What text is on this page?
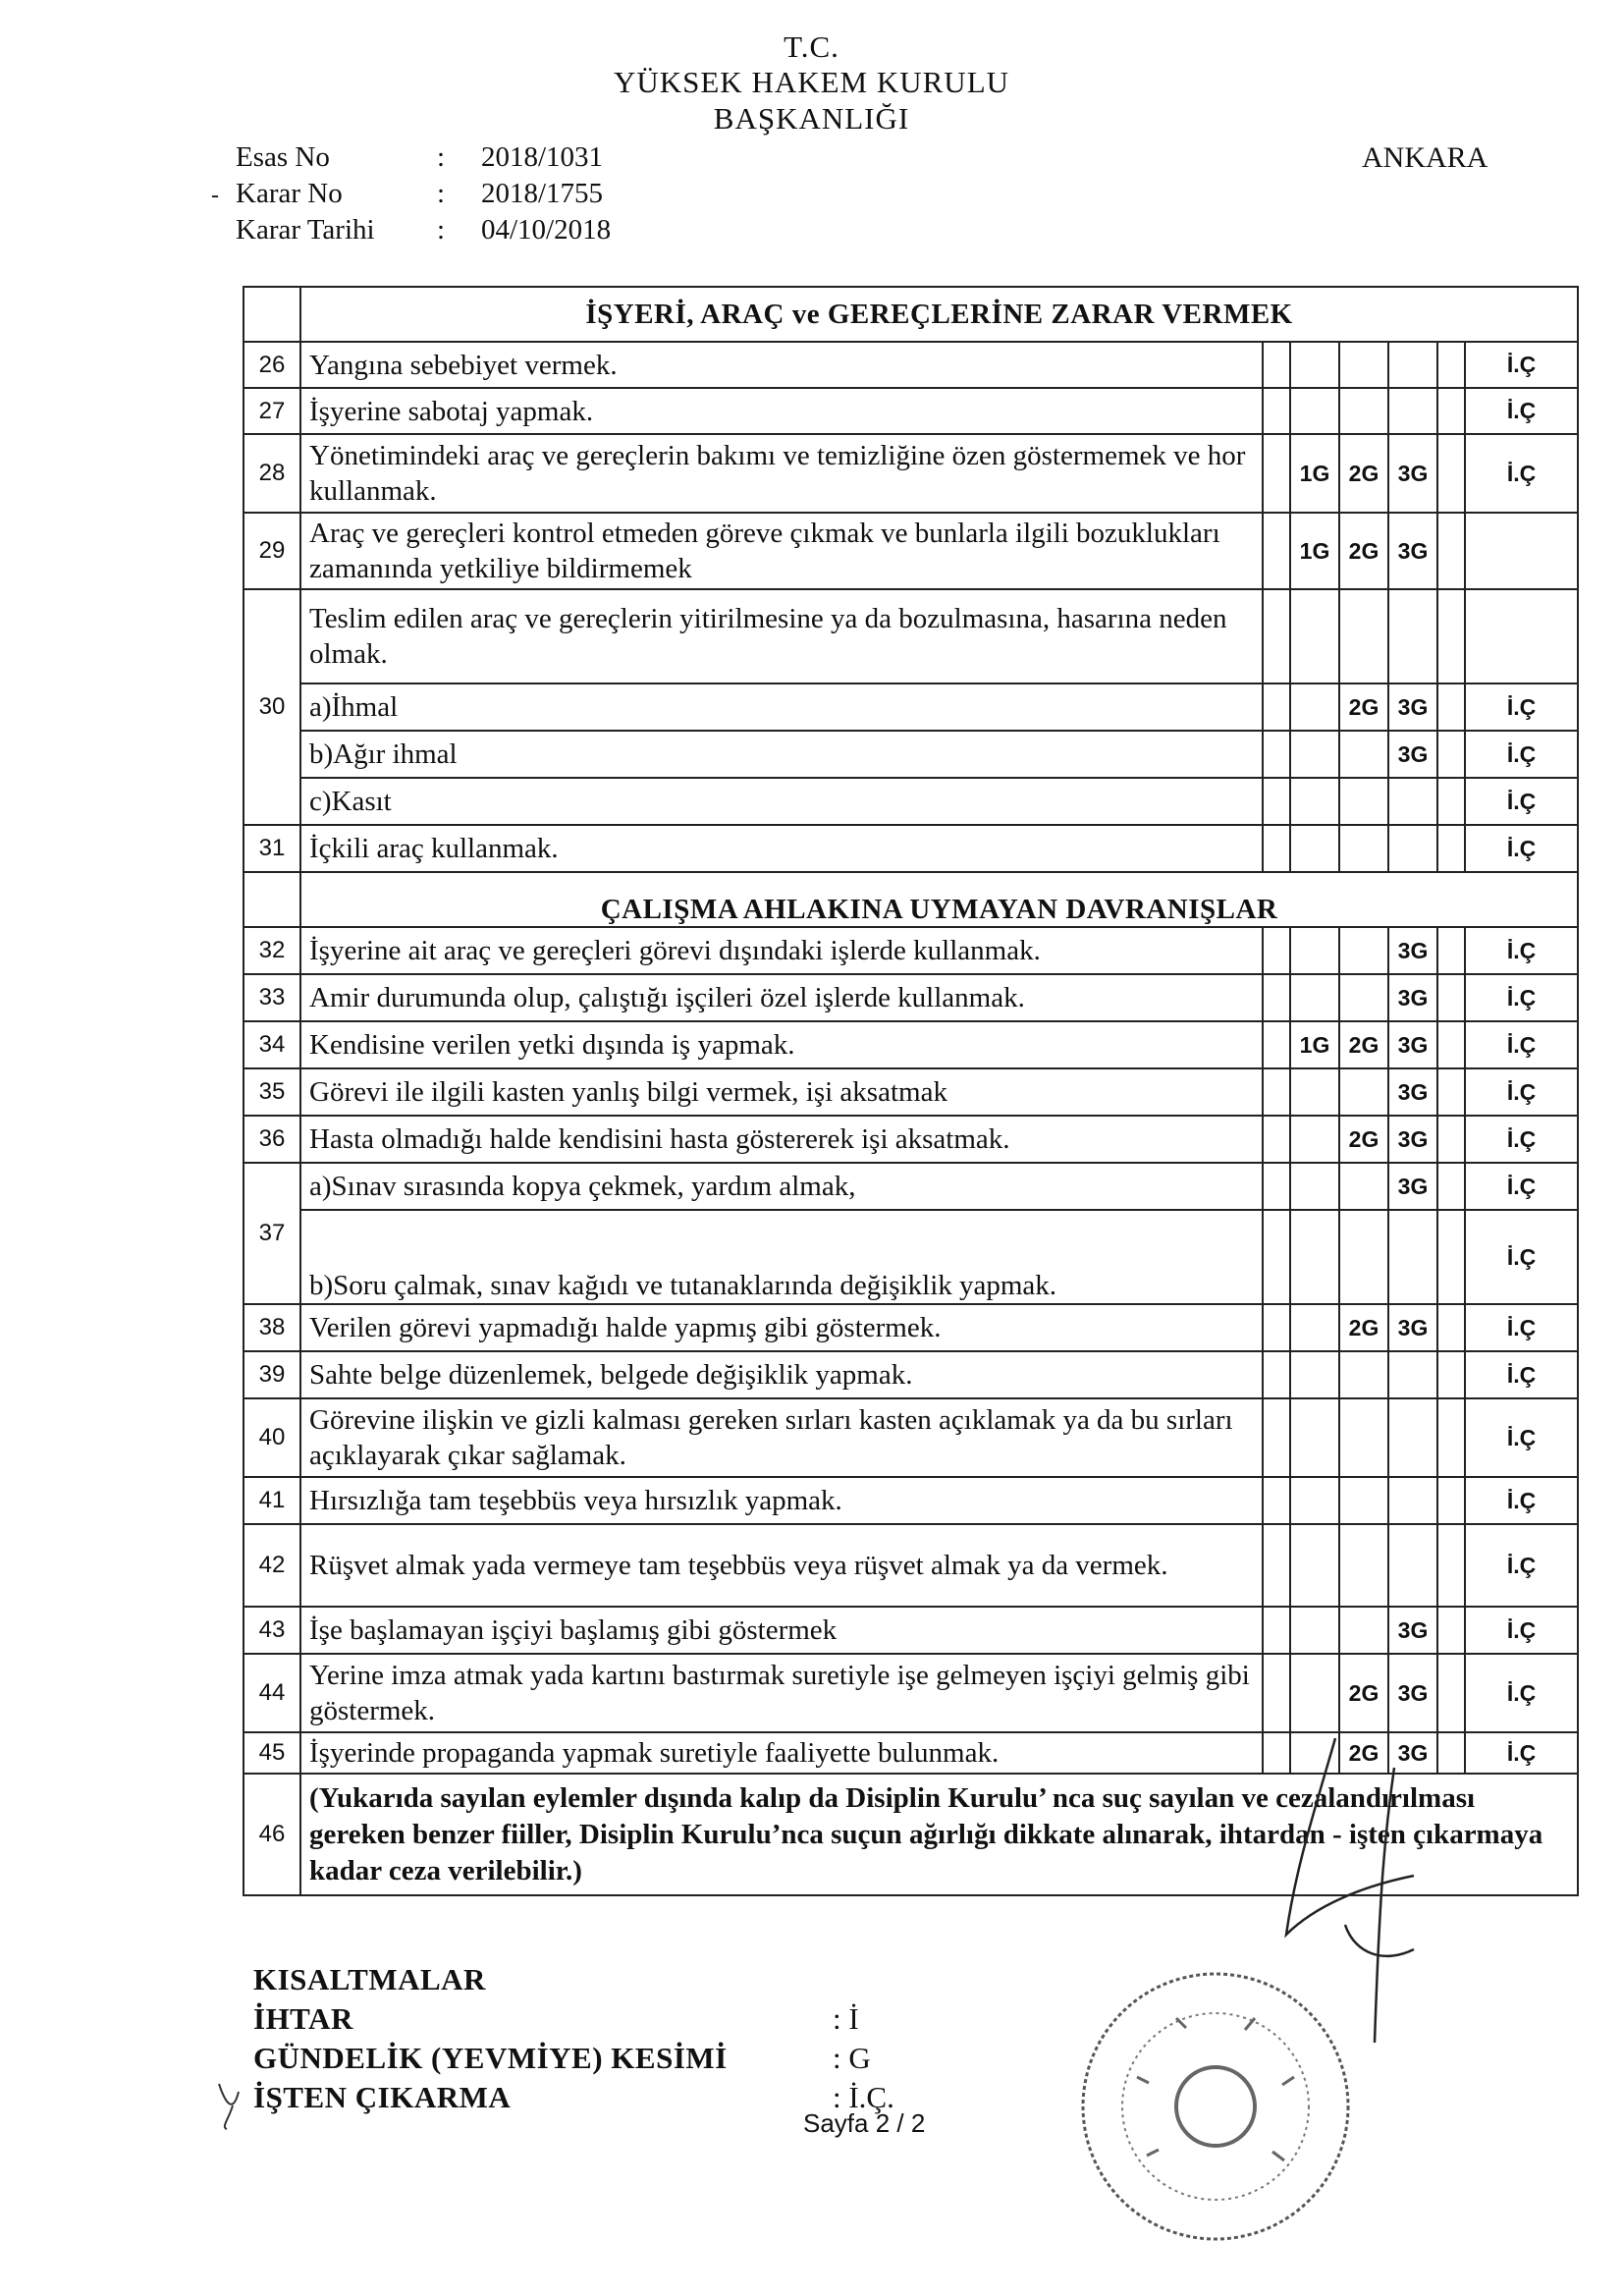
T.C.
YÜKSEK HAKEM KURULU
BAŞKANLIĞI
ANKARA
Esas No	: 2018/1031
Karar No	: 2018/1755
Karar Tarihi : 04/10/2018
-
	İŞYERİ, ARAÇ ve GEREÇLERİNE ZARAR VERMEK						
26	Yangına sebebiyet vermek.						İ.Ç
27	İşyerine sabotaj yapmak.						İ.Ç
28	Yönetimindeki araç ve gereçlerin bakımı ve temizliğine özen göstermemek ve hor kullanmak.		1G	2G	3G		İ.Ç
29	Araç ve gereçleri kontrol etmeden göreve çıkmak ve bunlarla ilgili bozuklukları zamanında yetkiliye bildirmemek		1G	2G	3G		
30	Teslim edilen araç ve gereçlerin yitirilmesine ya da bozulmasına, hasarına neden olmak.						
	a)İhmal			2G	3G		İ.Ç
	b)Ağır ihmal				3G		İ.Ç
	c)Kasıt						İ.Ç
31	İçkili araç kullanmak.						İ.Ç
	ÇALIŞMA AHLAKINA UYMAYAN DAVRANIŞLAR						
32	İşyerine ait araç ve gereçleri görevi dışındaki işlerde kullanmak.				3G		İ.Ç
33	Amir durumunda olup, çalıştığı işçileri özel işlerde kullanmak.				3G		İ.Ç
34	Kendisine verilen yetki dışında iş yapmak.		1G	2G	3G		İ.Ç
35	Görevi ile ilgili kasten yanlış bilgi vermek, işi aksatmak				3G		İ.Ç
36	Hasta olmadığı halde kendisini hasta göstererek işi aksatmak.			2G	3G		İ.Ç
37	a)Sınav sırasında kopya çekmek, yardım almak,				3G		İ.Ç
	b)Soru çalmak, sınav kağıdı ve tutanaklarında değişiklik yapmak.						İ.Ç
38	Verilen görevi yapmadığı halde yapmış gibi göstermek.			2G	3G		İ.Ç
39	Sahte belge düzenlemek, belgede değişiklik yapmak.						İ.Ç
40	Görevine ilişkin ve gizli kalması gereken sırları kasten açıklamak ya da bu sırları açıklayarak çıkar sağlamak.						İ.Ç
41	Hırsızlığa tam teşebbüs veya hırsızlık yapmak.						İ.Ç
42	Rüşvet almak yada vermeye tam teşebbüs veya rüşvet almak ya da vermek.						İ.Ç
43	İşe başlamayan işçiyi başlamış gibi göstermek				3G		İ.Ç
44	Yerine imza atmak yada kartını bastırmak suretiyle işe gelmeyen işçiyi gelmiş gibi göstermek.			2G	3G		İ.Ç
45	İşyerinde propaganda yapmak suretiyle faaliyette bulunmak.			2G	3G		İ.Ç
46	(Yukarıda sayılan eylemler dışında kalıp da Disiplin Kurulu’ nca suç sayılan ve cezalandırılması gereken benzer fiiller, Disiplin Kurulu’nca suçun ağırlığı dikkate alınarak, ihtardan - işten çıkarmaya kadar ceza verilebilir.)						
KISALTMALAR
İHTAR	: İ
GÜNDELİK (YEVMİYE) KESİMİ	: G
İŞTEN ÇIKARMA	: İ.Ç.
Sayfa 2 / 2
